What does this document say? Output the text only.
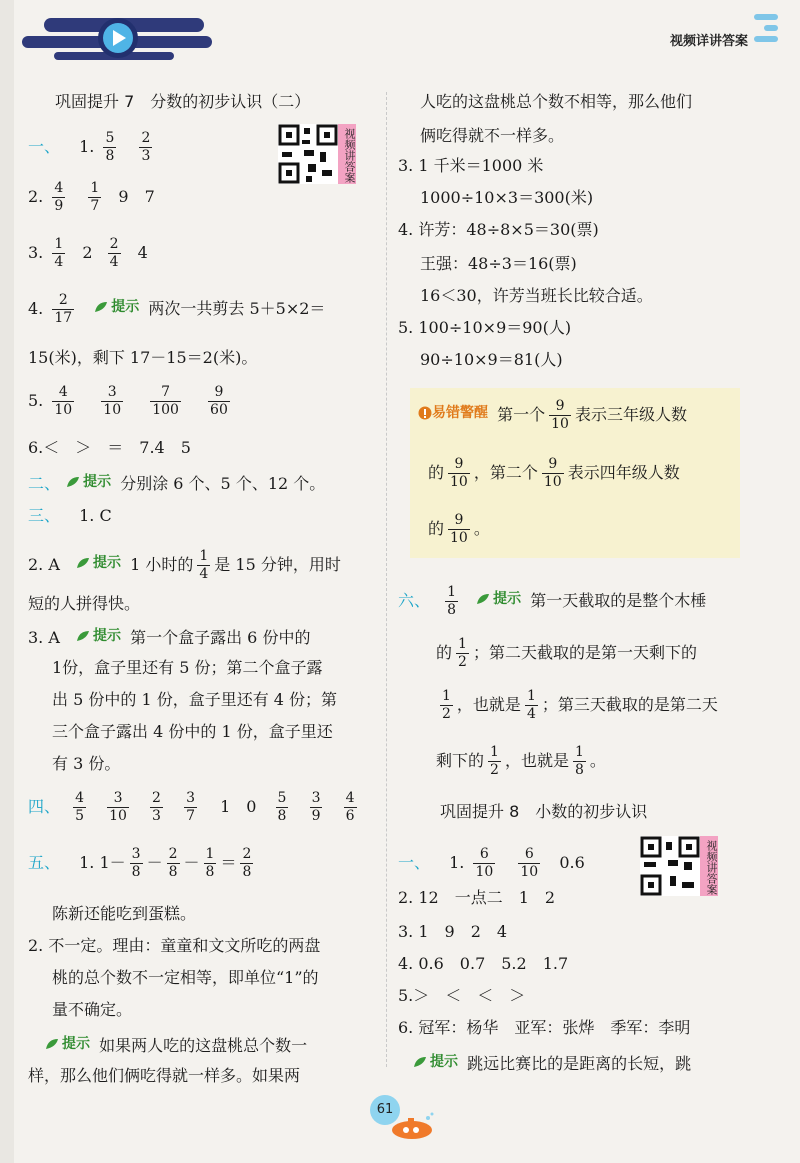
视频详讲答案
巩固提升 7　分数的初步认识（二）
视频讲答案
一、 1. $\frac{5}{8}$
$\frac{2}{3}$
2. $\frac{4}{9}$
$\frac{1}{7} 9$　7
3. $\frac{1}{4} 2 \frac{2}{4} 4$
4. $\frac{2}{17}$
	提示 两次一共剪去 5＋5×2＝
15(米)，剩下 17－15＝2(米)。
5. $\frac{4}{10}$
$\frac{3}{10}$
$\frac{7}{100}$
$\frac{9}{60}$
6.＜　＞　＝　7.4　5
二、 提示 分别涂 6 个、5 个、12 个。
三、 1. C
2. A 提示 1 小时的 $\frac{1}{4}$ 是 15 分钟，用时
短的人拼得快。
3. A 提示 第一个盒子露出 6 份中的
1份，盒子里还有 5 份；第二个盒子露
出 5 份中的 1 份，盒子里还有 4 份；第
三个盒子露出 4 份中的 1 份，盒子里还
有 3 份。
四、 $\frac{4}{5}$
$\frac{3}{10}$
$\frac{2}{3}$
$\frac{3}{7} 1$　$0 \frac{5}{8}$
$\frac{3}{9}$
$\frac{4}{6}$
五、 1. $1- \frac{3}{8} - \frac{2}{8} - \frac{1}{8} = \frac{2}{8}$
陈新还能吃到蛋糕。
2. 不一定。理由：童童和文文所吃的两盘
桃的总个数不一定相等，即单位“1”的
量不确定。
提示 如果两人吃的这盘桃总个数一
样，那么他们俩吃得就一样多。如果两
人吃的这盘桃总个数不相等，那么他们
俩吃得就不一样多。
3. 1 千米＝1000 米
1000÷10×3＝300(米)
4. 许芳：48÷8×5＝30(票)
王强：48÷3＝16(票)
16＜30，许芳当班长比较合适。
5. 100÷10×9＝90(人)
90÷10×9＝81(人)
易错警醒 第一个 $\frac{9}{10}$ 表示三年级人数
的 $\frac{9}{10}$ ，第二个 $\frac{9}{10}$ 表示四年级人数
的 $\frac{9}{10}$ 。
六、 $\frac{1}{8}$
	提示 第一天截取的是整个木棰
的 $\frac{1}{2}$ ；第二天截取的是第一天剩下的
$\frac{1}{2}$ ，也就是 $\frac{1}{4}$ ；第三天截取的是第二天
剩下的 $\frac{1}{2}$ ，也就是 $\frac{1}{8}$ 。
巩固提升 8　小数的初步认识
视频讲答案
一、 1. $\frac{6}{10}$
$\frac{6}{10} 0.6$
2. 12　一点二　1　2
3. 1　9　2　4
4. 0.6　0.7　5.2　1.7
5.＞　＜　＜　＞
6. 冠军：杨华　亚军：张烨　季军：李明
提示 跳远比赛比的是距离的长短，跳
61
